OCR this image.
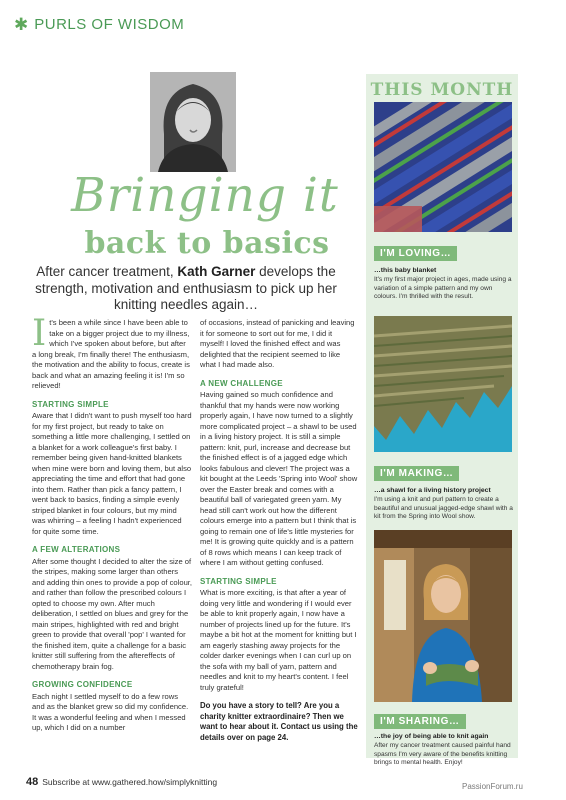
✱ PURLS OF WISDOM
Bringing it
back to basics
After cancer treatment, Kath Garner develops the strength, motivation and enthusiasm to pick up her knitting needles again…

It's been a while since I have been able to take on a bigger project due to my illness, which I've spoken about before, but after a long break, I'm finally there! The enthusiasm, the motivation and the ability to focus, create is back and what an amazing feeling it is! I'm so relieved!

STARTING SIMPLE

Aware that I didn't want to push myself too hard for my first project, but ready to take on something a little more challenging, I settled on a blanket for a work colleague's first baby. I remember being given hand-knitted blankets when mine were born and loving them, but also appreciating the time and effort that had gone into them. Rather than pick a fancy pattern, I went back to basics, finding a simple evenly striped blanket in four colours, but my mind was whirring – a feeling I hadn't experienced for quite some time.

A FEW ALTERATIONS

After some thought I decided to alter the size of the stripes, making some larger than others and adding thin ones to provide a pop of colour, and rather than follow the prescribed colours I opted to choose my own. After much deliberation, I settled on blues and grey for the main stripes, highlighted with red and bright green to provide that overall 'pop' I wanted for the finished item, quite a challenge for a basic knitter still suffering from the aftereffects of chemotherapy brain fog.

GROWING CONFIDENCE

Each night I settled myself to do a few rows and as the blanket grew so did my confidence. It was a wonderful feeling and when I messed up, which I did on a number

of occasions, instead of panicking and leaving it for someone to sort out for me, I did it myself! I loved the finished effect and was delighted that the recipient seemed to like what I had made also.

A NEW CHALLENGE

Having gained so much confidence and thankful that my hands were now working properly again, I have now turned to a slightly more complicated project – a shawl to be used in a living history project. It is still a simple pattern: knit, purl, increase and decrease but the finished effect is of a jagged edge which looks fabulous and clever! The project was a kit bought at the Leeds 'Spring into Wool' show over the Easter break and comes with a beautiful ball of variegated green yarn. My head still can't work out how the different colours emerge into a pattern but I think that is going to remain one of life's little mysteries for me! It is growing quite quickly and is a pattern of 8 rows which means I can keep track of where I am without getting confused.

STARTING SIMPLE

What is more exciting, is that after a year of doing very little and wondering if I would ever be able to knit properly again, I now have a number of projects lined up for the future. It's maybe a bit hot at the moment for knitting but I am eagerly stashing away projects for the colder darker evenings when I can curl up on the sofa with my ball of yarn, pattern and needles and knit to my heart's content. I feel truly grateful!

Do you have a story to tell? Are you a charity knitter extraordinaire? Then we want to hear about it. Contact us using the details over on page 24.

THIS MONTH
I'M LOVING…
…this baby blanket
It's my first major project in ages, made using a variation of a simple pattern and my own colours. I'm thrilled with the result.
I'M MAKING…
…a shawl for a living history project
I'm using a knit and purl pattern to create a beautiful and unusual jagged-edge shawl with a kit from the Spring into Wool show.
I'M SHARING…
…the joy of being able to knit again
After my cancer treatment caused painful hand spasms I'm very aware of the benefits knitting brings to mental health. Enjoy!
48 Subscribe at www.gathered.how/simplyknitting	PassionForum.ru
